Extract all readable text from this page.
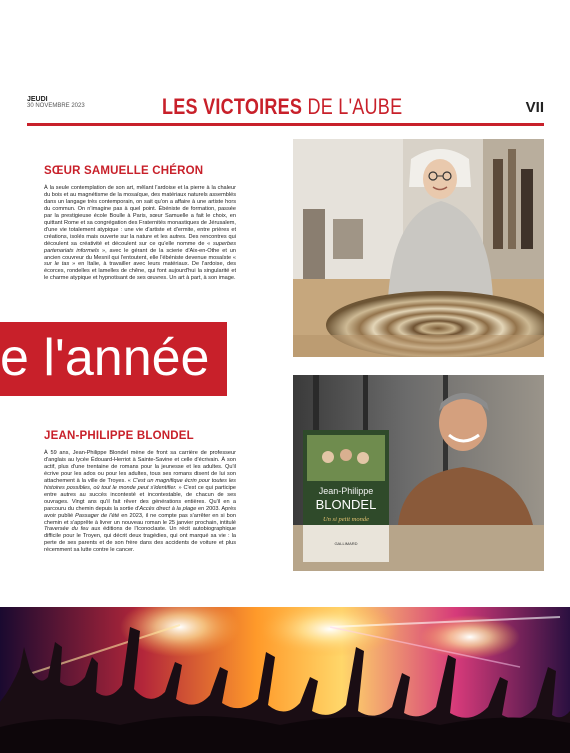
JEUDI
30 NOVEMBRE 2023	LES VICTOIRES DE L'AUBE	VII
SŒUR SAMUELLE CHÉRON

À la seule contemplation de son art, mêlant l'ardoise et la pierre à la chaleur du bois et au magnétisme de la mosaïque, des matériaux naturels assemblés dans un langage très contemporain, on sait qu'on a affaire à une artiste hors du commun. On n'imagine pas à quel point. Ébéniste de formation, passée par la prestigieuse école Boulle à Paris, sœur Samuelle a fait le choix, en quittant Rome et sa congrégation des Fraternités monastiques de Jérusalem, d'une vie totalement atypique : une vie d'artiste et d'ermite, entre prières et créations, isolés mais ouverte sur la nature et les autres. Des rencontres qui découlent sa créativité et découlent sur ce qu'elle nomme de « superbes partenariats informels », avec le gérant de la scierie d'Aix-en-Othe et un ancien couvreur du Mesnil qui l'entoutent, elle l'ébéniste devenue mosaïste « sur le tas » en Italie, à travailler avec leurs matériaux. De l'ardoise, des écorces, rondelles et lamelles de chêne, qui font aujourd'hui la singularité et le charme atypique et hypnotisant de ses œuvres. Un art à part, à son image.

e l'année
Jean-Philippe
BLONDEL
Un si petit monde
GALLIMARD
JEAN-PHILIPPE BLONDEL

À 59 ans, Jean-Philippe Blondel mène de front sa carrière de professeur d'anglais au lycée Édouard-Herriot à Sainte-Savine et celle d'écrivain. À son actif, plus d'une trentaine de romans pour la jeunesse et les adultes. Qu'il écrive pour les ados ou pour les adultes, tous ses romans disent de lui son attachement à la ville de Troyes. « C'est un magnifique écrin pour toutes les histoires possibles, où tout le monde peut s'identifier. » C'est ce qui participe entre autres au succès incontesté et incontestable, de chacun de ses ouvrages. Vingt ans qu'il fait rêver des générations entières. Qu'il en a parcouru du chemin depuis la sortie d'Accès direct à la plage en 2003. Après avoir publié Passager de l'été en 2023, il ne compte pas s'arrêter en si bon chemin et s'apprête à livrer un nouveau roman le 25 janvier prochain, intitulé Traversée du feu aux éditions de l'Iconoclaste. Un récit autobiographique difficile pour le Troyen, qui décrit deux tragédies, qui ont marqué sa vie : la perte de ses parents et de son frère dans des accidents de voiture et plus récemment sa lutte contre le cancer.
